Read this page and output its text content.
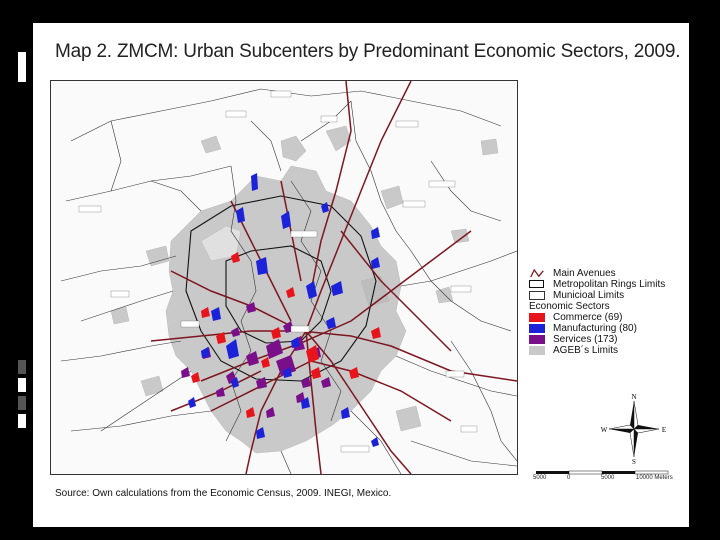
Map 2. ZMCM: Urban Subcenters by Predominant Economic Sectors, 2009.
Main Avenues
Metropolitan Rings Limits
Municioal Limits
Economic Sectors
Commerce (69)
Manufacturing (80)
Services (173)
AGEB´s Limits
N
S
E
W
5000	0	5000	10000 Meters
Source: Own calculations from the Economic Census, 2009. INEGI, Mexico.
